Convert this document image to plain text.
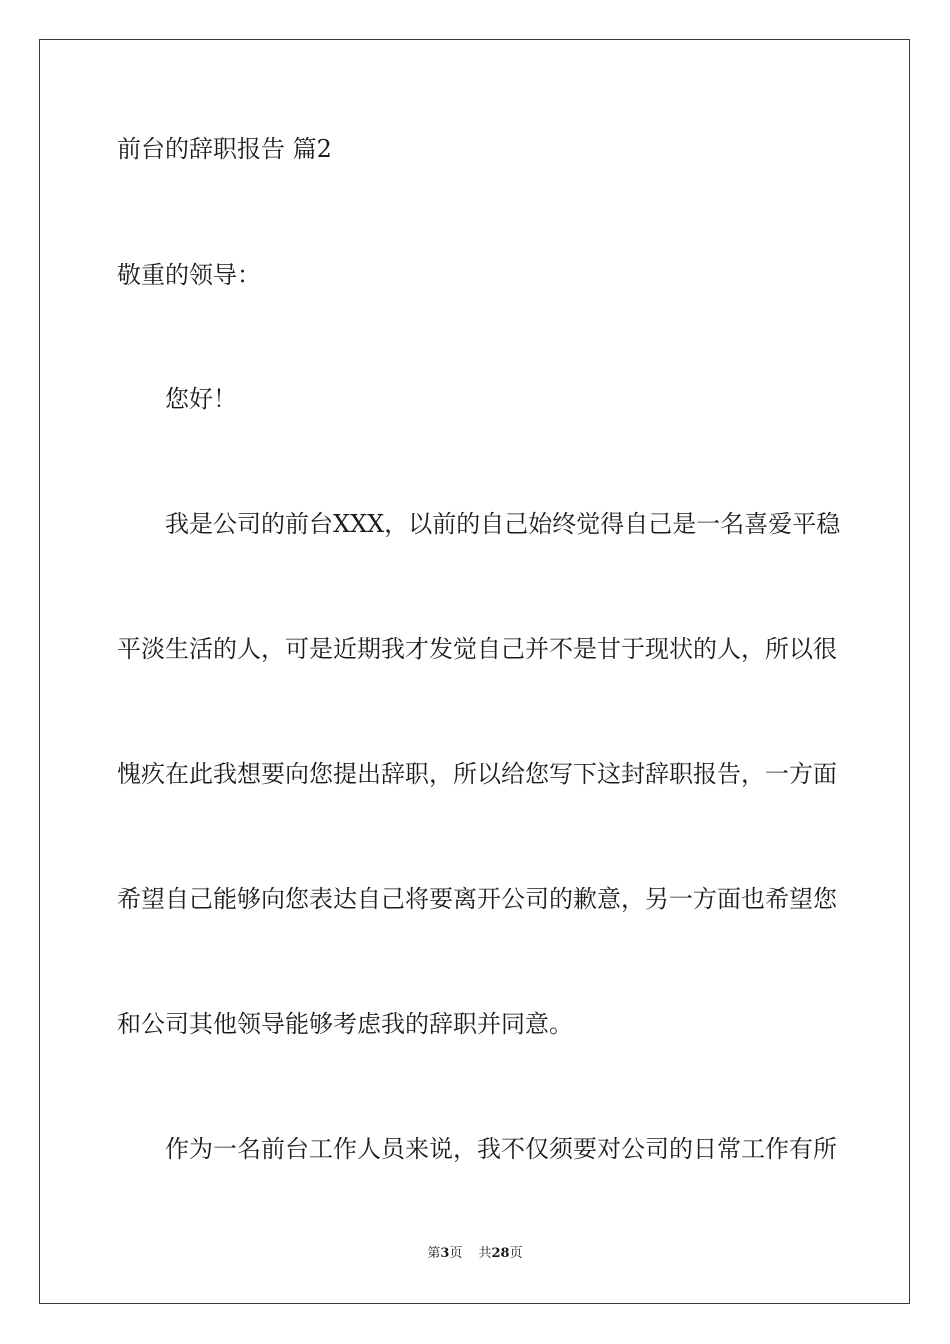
前台的辞职报告 篇2
敬重的领导：
您好！
我是公司的前台XXX，以前的自己始终觉得自己是一名喜爱平稳
平淡生活的人，可是近期我才发觉自己并不是甘于现状的人，所以很
愧疚在此我想要向您提出辞职，所以给您写下这封辞职报告，一方面
希望自己能够向您表达自己将要离开公司的歉意，另一方面也希望您
和公司其他领导能够考虑我的辞职并同意。
作为一名前台工作人员来说，我不仅须要对公司的日常工作有所
第3页 共28页
